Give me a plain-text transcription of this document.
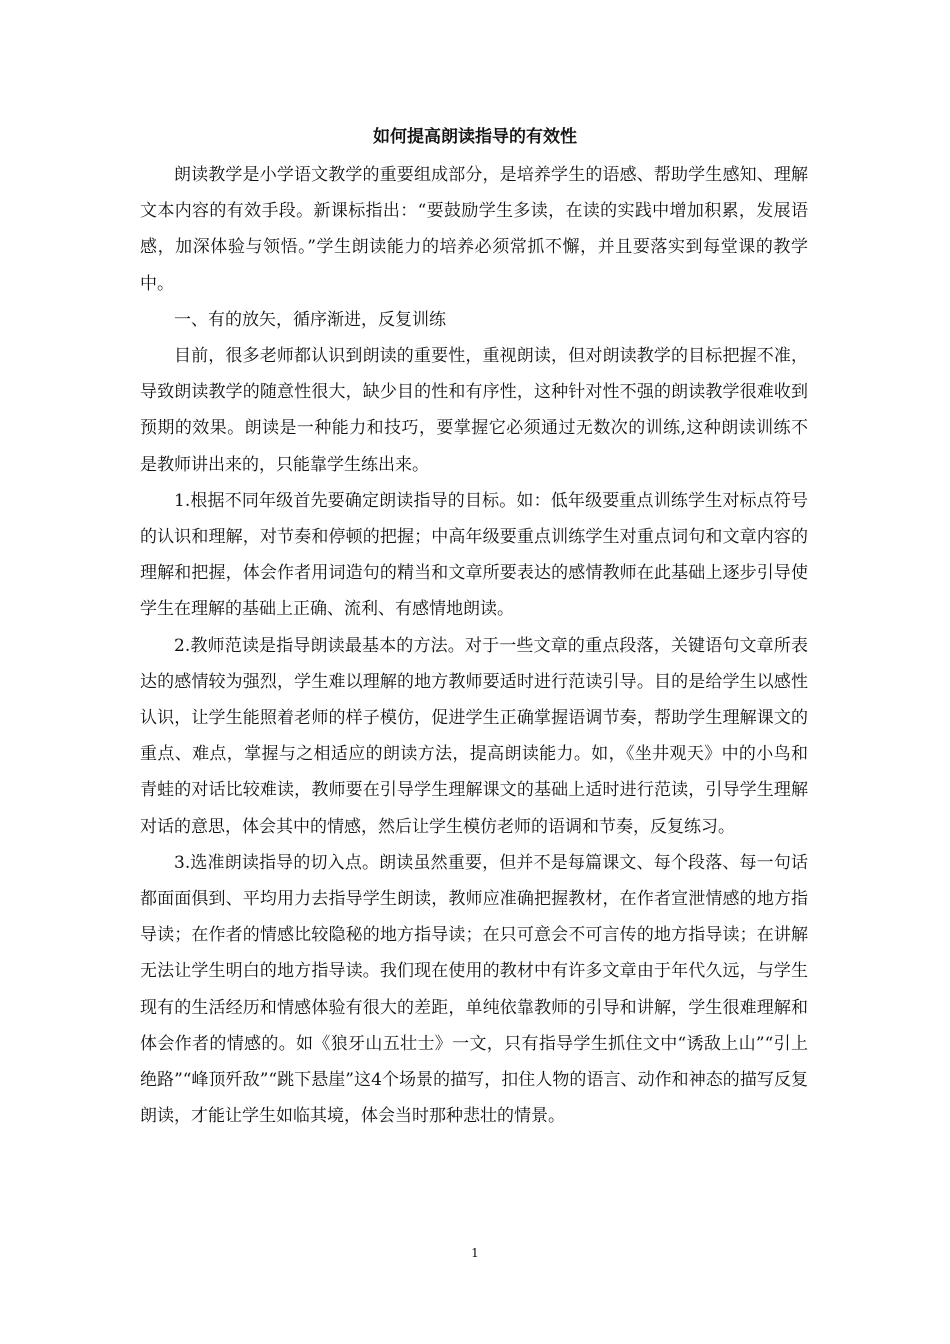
如何提高朗读指导的有效性

朗读教学是小学语文教学的重要组成部分，是培养学生的语感、帮助学生感知、理解文本内容的有效手段。新课标指出：“要鼓励学生多读，在读的实践中增加积累，发展语感，加深体验与领悟。”学生朗读能力的培养必须常抓不懈，并且要落实到每堂课的教学中。

一、有的放矢，循序渐进，反复训练

目前，很多老师都认识到朗读的重要性，重视朗读，但对朗读教学的目标把握不准，导致朗读教学的随意性很大，缺少目的性和有序性，这种针对性不强的朗读教学很难收到预期的效果。朗读是一种能力和技巧，要掌握它必须通过无数次的训练,这种朗读训练不是教师讲出来的，只能靠学生练出来。

1.根据不同年级首先要确定朗读指导的目标。如：低年级要重点训练学生对标点符号的认识和理解，对节奏和停顿的把握；中高年级要重点训练学生对重点词句和文章内容的理解和把握，体会作者用词造句的精当和文章所要表达的感情教师在此基础上逐步引导使学生在理解的基础上正确、流利、有感情地朗读。

2.教师范读是指导朗读最基本的方法。对于一些文章的重点段落，关键语句文章所表达的感情较为强烈，学生难以理解的地方教师要适时进行范读引导。目的是给学生以感性认识，让学生能照着老师的样子模仿，促进学生正确掌握语调节奏，帮助学生理解课文的重点、难点，掌握与之相适应的朗读方法，提高朗读能力。如，《坐井观天》中的小鸟和青蛙的对话比较难读，教师要在引导学生理解课文的基础上适时进行范读，引导学生理解对话的意思，体会其中的情感，然后让学生模仿老师的语调和节奏，反复练习。

3.选准朗读指导的切入点。朗读虽然重要，但并不是每篇课文、每个段落、每一句话都面面俱到、平均用力去指导学生朗读，教师应准确把握教材，在作者宣泄情感的地方指导读；在作者的情感比较隐秘的地方指导读；在只可意会不可言传的地方指导读；在讲解无法让学生明白的地方指导读。我们现在使用的教材中有许多文章由于年代久远，与学生现有的生活经历和情感体验有很大的差距，单纯依靠教师的引导和讲解，学生很难理解和体会作者的情感的。如《狼牙山五壮士》一文，只有指导学生抓住文中“诱敌上山”“引上绝路”“峰顶歼敌”“跳下悬崖”这4个场景的描写，扣住人物的语言、动作和神态的描写反复朗读，才能让学生如临其境，体会当时那种悲壮的情景。

1
